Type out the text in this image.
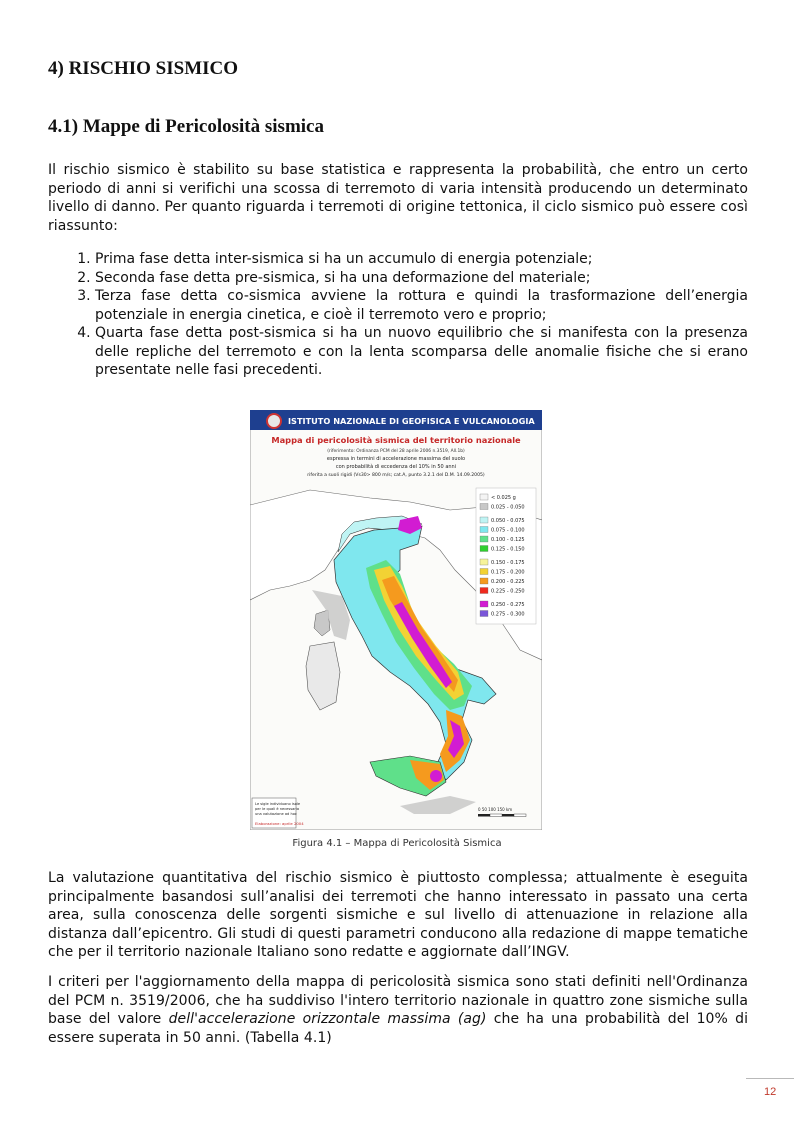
4) RISCHIO SISMICO
4.1) Mappe di Pericolosità sismica
Il rischio sismico è stabilito su base statistica e rappresenta la probabilità, che entro un certo periodo di anni si verifichi una scossa di terremoto di varia intensità producendo un determinato livello di danno. Per quanto riguarda i terremoti di origine tettonica, il ciclo sismico può essere così riassunto:
1. Prima fase detta inter-sismica si ha un accumulo di energia potenziale;
2. Seconda fase detta pre-sismica, si ha una deformazione del materiale;
3. Terza fase detta co-sismica avviene la rottura e quindi la trasformazione dell’energia potenziale in energia cinetica, e cioè il terremoto vero e proprio;
4. Quarta fase detta post-sismica si ha un nuovo equilibrio che si manifesta con la presenza delle repliche del terremoto e con la lenta scomparsa delle anomalie fisiche che si erano presentate nelle fasi precedenti.
ISTITUTO NAZIONALE DI GEOFISICA E VULCANOLOGIA
Mappa di pericolosità sismica del territorio nazionale
(riferimento: Ordinanza PCM del 28 aprile 2006 n.3519, All.1b)
espressa in termini di accelerazione massima del suolo
con probabilità di eccedenza del 10% in 50 anni
riferita a suoli rigidi (Vs30> 800 m/s; cat.A, punto 3.2.1 del D.M. 14.09.2005)
< 0.025 g
0.025 - 0.050
0.050 - 0.075
0.075 - 0.100
0.100 - 0.125
0.125 - 0.150
0.150 - 0.175
0.175 - 0.200
0.200 - 0.225
0.225 - 0.250
0.250 - 0.275
0.275 - 0.300
Le sigle individuano isole
per le quali è necessaria
una valutazione ad hoc
Elaborazione: aprile 2004
0 50 100 150 km
Figura 4.1 – Mappa di Pericolosità Sismica
La valutazione quantitativa del rischio sismico è piuttosto complessa; attualmente è eseguita principalmente basandosi sull’analisi dei terremoti che hanno interessato in passato una certa area, sulla conoscenza delle sorgenti sismiche e sul livello di attenuazione in relazione alla distanza dall’epicentro. Gli studi di questi parametri conducono alla redazione di mappe tematiche che per il territorio nazionale Italiano sono redatte e aggiornate dall’INGV.
I criteri per l'aggiornamento della mappa di pericolosità sismica sono stati definiti nell'Ordinanza del PCM n. 3519/2006, che ha suddiviso l'intero territorio nazionale in quattro zone sismiche sulla base del valore dell'accelerazione orizzontale massima (ag) che ha una probabilità del 10% di essere superata in 50 anni. (Tabella 4.1)
12
